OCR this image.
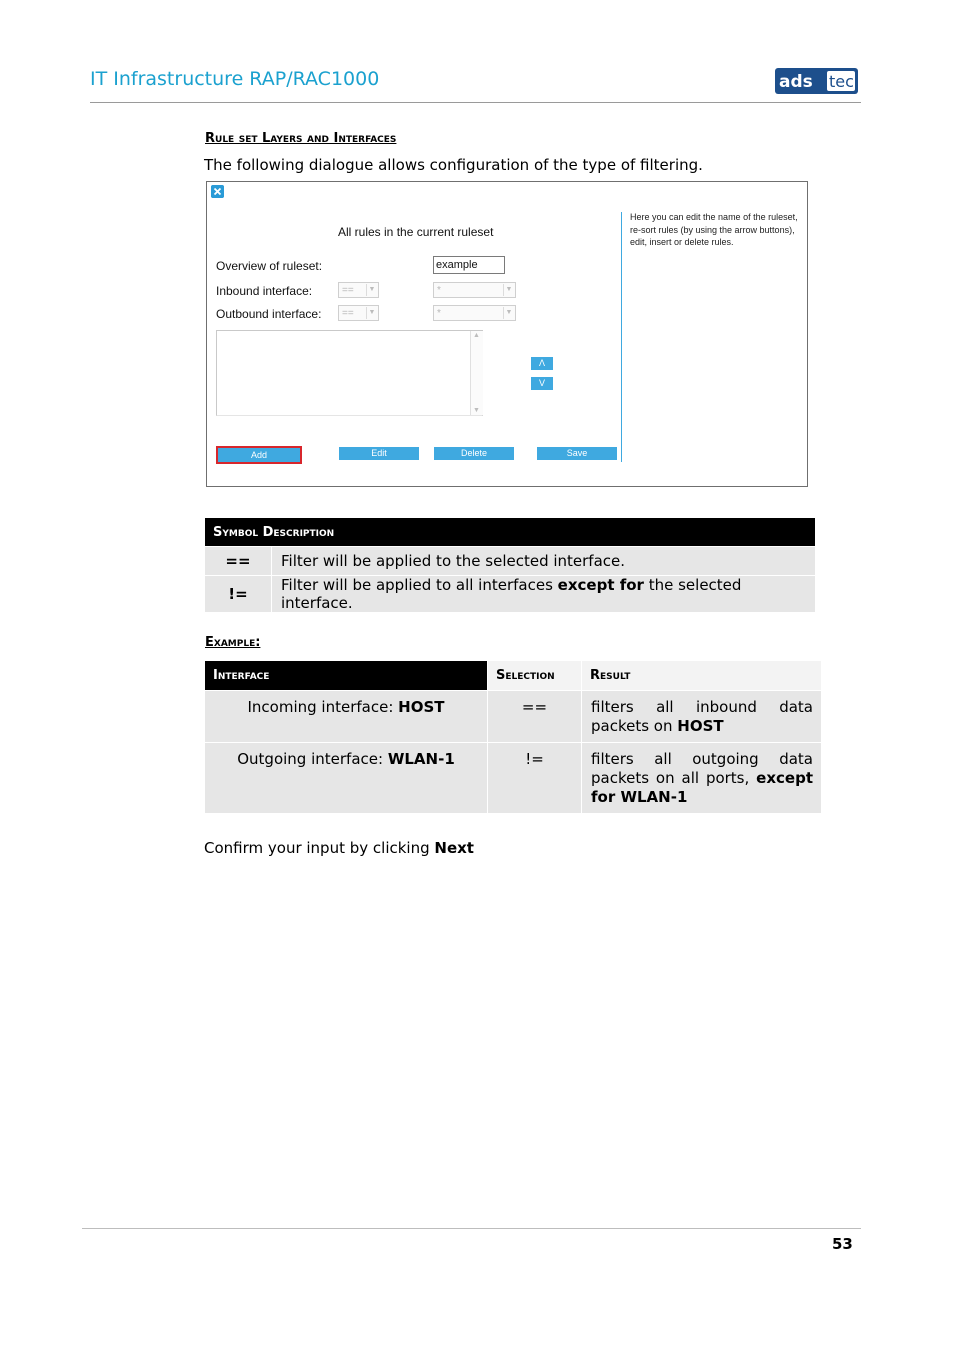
IT Infrastructure RAP/RAC1000	ads tec
Rule set Layers and Interfaces
The following dialogue allows configuration of the type of filtering.
All rules in the current ruleset
Overview of ruleset:	example
Inbound interface:	==	▼	*	▼
Outbound interface:	==	▼	*	▼
▲
▼
Λ
V
Add	Edit	Delete	Save
Here you can edit the name of the ruleset, re-sort rules (by using the arrow buttons), edit, insert or delete rules.
Symbol Description	
==	Filter will be applied to the selected interface.
!=	Filter will be applied to all interfaces except for the selected interface.
Example:
Interface	Selection	Result
Incoming interface: HOST	==	filters all inbound data packets on HOST
Outgoing interface: WLAN-1	!=	filters all outgoing data packets on all ports, except for WLAN-1
Confirm your input by clicking Next
53
